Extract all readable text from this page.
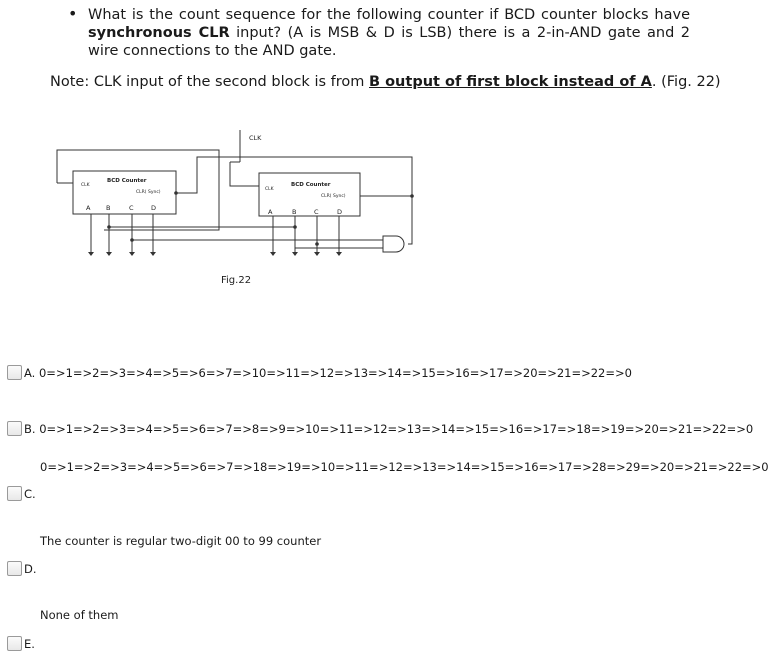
• What is the count sequence for the following counter if BCD counter blocks have synchronous CLR input? (A is MSB & D is LSB) there is a 2-in-AND gate and 2 wire connections to the AND gate.
Note: CLK input of the second block is from B output of first block instead of A. (Fig. 22)
CLK
BCD Counter
CLK
CLR( Sync)
A B	C	D
BCD Counter
CLK
CLR( Sync)
A	B	C	D
Fig.22
A. 0=>1=>2=>3=>4=>5=>6=>7=>10=>11=>12=>13=>14=>15=>16=>17=>20=>21=>22=>0
B. 0=>1=>2=>3=>4=>5=>6=>7=>8=>9=>10=>11=>12=>13=>14=>15=>16=>17=>18=>19=>20=>21=>22=>0
0=>1=>2=>3=>4=>5=>6=>7=>18=>19=>10=>11=>12=>13=>14=>15=>16=>17=>28=>29=>20=>21=>22=>0
C.
The counter is regular two-digit 00 to 99 counter
D.
None of them
E.
